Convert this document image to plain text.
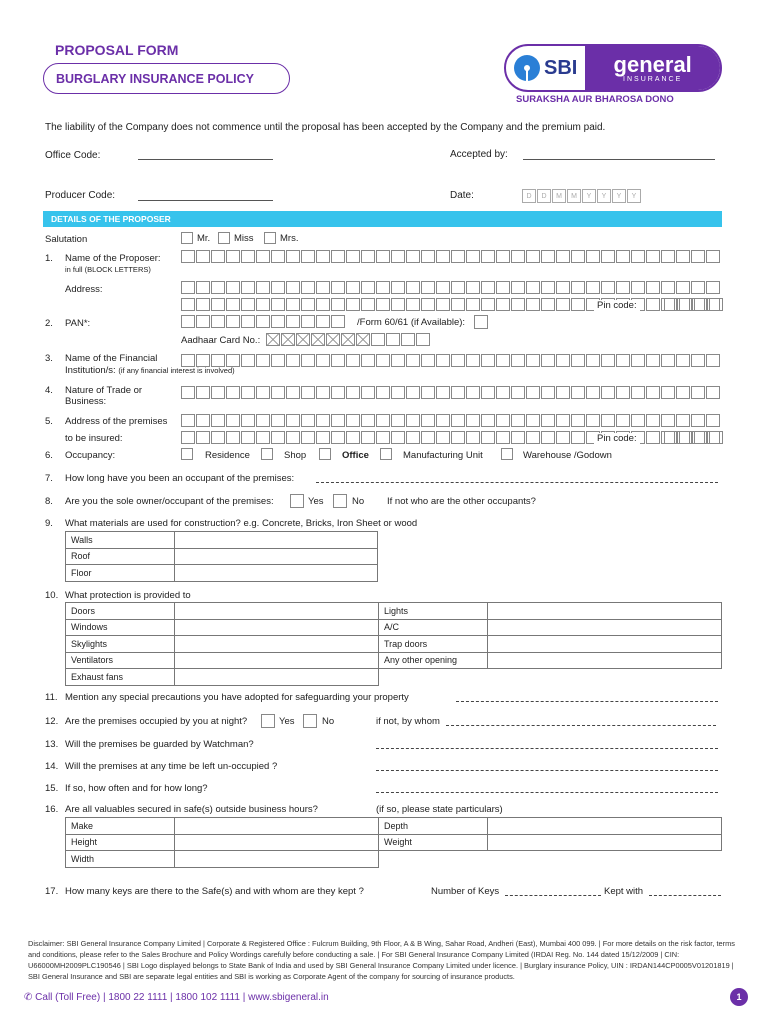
PROPOSAL FORM
BURGLARY INSURANCE POLICY	SBI general
INSURANCE
SURAKSHA AUR BHAROSA DONO
The liability of the Company does not commence until the proposal has been accepted by the Company and the premium paid.
Office Code:	Accepted by:
Producer Code:	Date:	D	D	M	M	Y	Y	Y	Y
DETAILS OF THE PROPOSER
Salutation	Mr.	Miss	Mrs.
1. Name of the Proposer:
in full (BLOCK LETTERS)
Address:
Pin code:
2. PAN*:	/Form 60/61 (if Available):
Aadhaar Card No.:
3. Name of the Financial
Institution/s: (if any financial interest is involved)
4. Nature of Trade or
Business:
5. Address of the premises
to be insured:	Pin code:
6. Occupancy:	Residence	Shop	Office	Manufacturing Unit	Warehouse /Godown
7. How long have you been an occupant of the premises:
8. Are you the sole owner/occupant of the premises:	Yes	No If not who are the other occupants?
9. What materials are used for construction? e.g. Concrete, Bricks, Iron Sheet or wood
Walls	
Roof	
Floor	
10. What protection is provided to
Doors		Lights	
Windows		A/C	
Skylights		Trap doors	
Ventilators		Any other opening	
Exhaust fans			
11. Mention any special precautions you have adopted for safeguarding your property
12. Are the premises occupied by you at night?	Yes	No	if not, by whom
13. Will the premises be guarded by Watchman?
14. Will the premises at any time be left un-occupied ?
15. If so, how often and for how long?
16. Are all valuables secured in safe(s) outside business hours?	(if so, please state particulars)
Make		Depth	
Height		Weight	
Width			
17. How many keys are there to the Safe(s) and with whom are they kept ?	Number of Keys	Kept with
Disclaimer: SBI General Insurance Company Limited | Corporate & Registered Office : Fulcrum Building, 9th Floor, A & B Wing, Sahar Road, Andheri (East), Mumbai 400 099. | For more details on the risk factor, terms and conditions, please refer to the Sales Brochure and Policy Wordings carefully before conducting a sale. | For SBI General Insurance Company Limited (IRDAI Reg. No. 144 dated 15/12/2009 | CIN: U66000MH2009PLC190546 | SBI Logo displayed belongs to State Bank of India and used by SBI General Insurance Company Limited under licence. | Burglary insurance Policy, UIN : IRDAN144CP0005V01201819 | SBI General Insurance and SBI are separate legal entities and SBI is working as Corporate Agent of the company for sourcing of insurance products.
✆ Call (Toll Free) | 1800 22 1111 | 1800 102 1111 | www.sbigeneral.in	1
